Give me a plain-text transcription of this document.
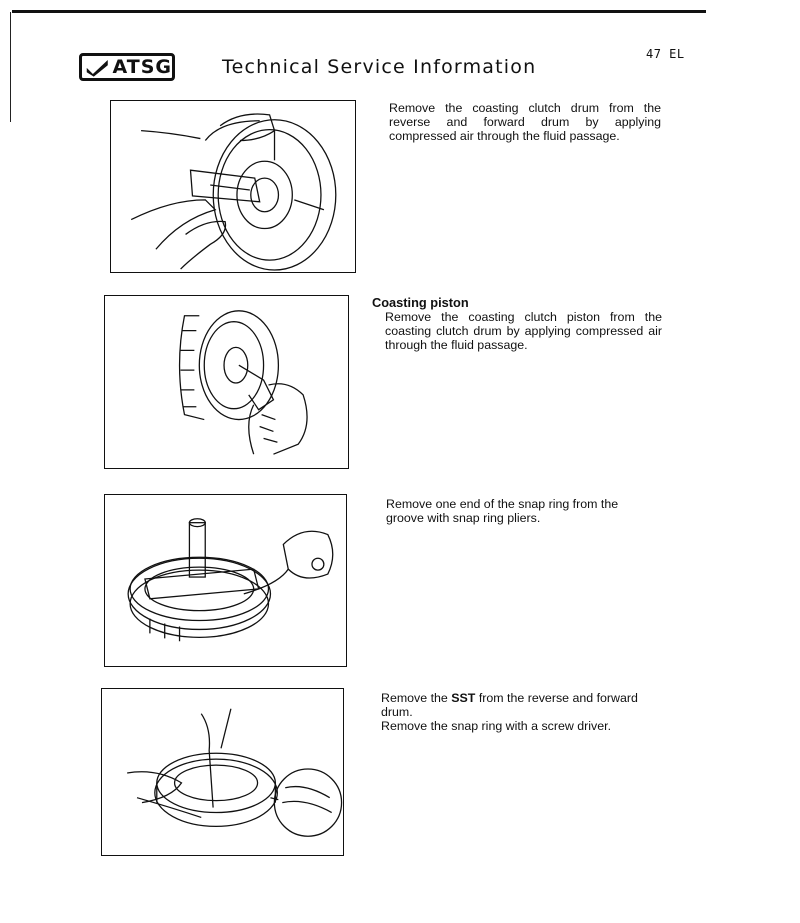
ATSG	Technical Service Information
47 EL

Remove the coasting clutch drum from the reverse and forward drum by applying compressed air through the fluid passage.

Coasting piston

Remove the coasting clutch piston from the coasting clutch drum by applying compressed air through the fluid passage.

Remove one end of the snap ring from the groove with snap ring pliers.

Remove the SST from the reverse and forward drum.

Remove the snap ring with a screw driver.
